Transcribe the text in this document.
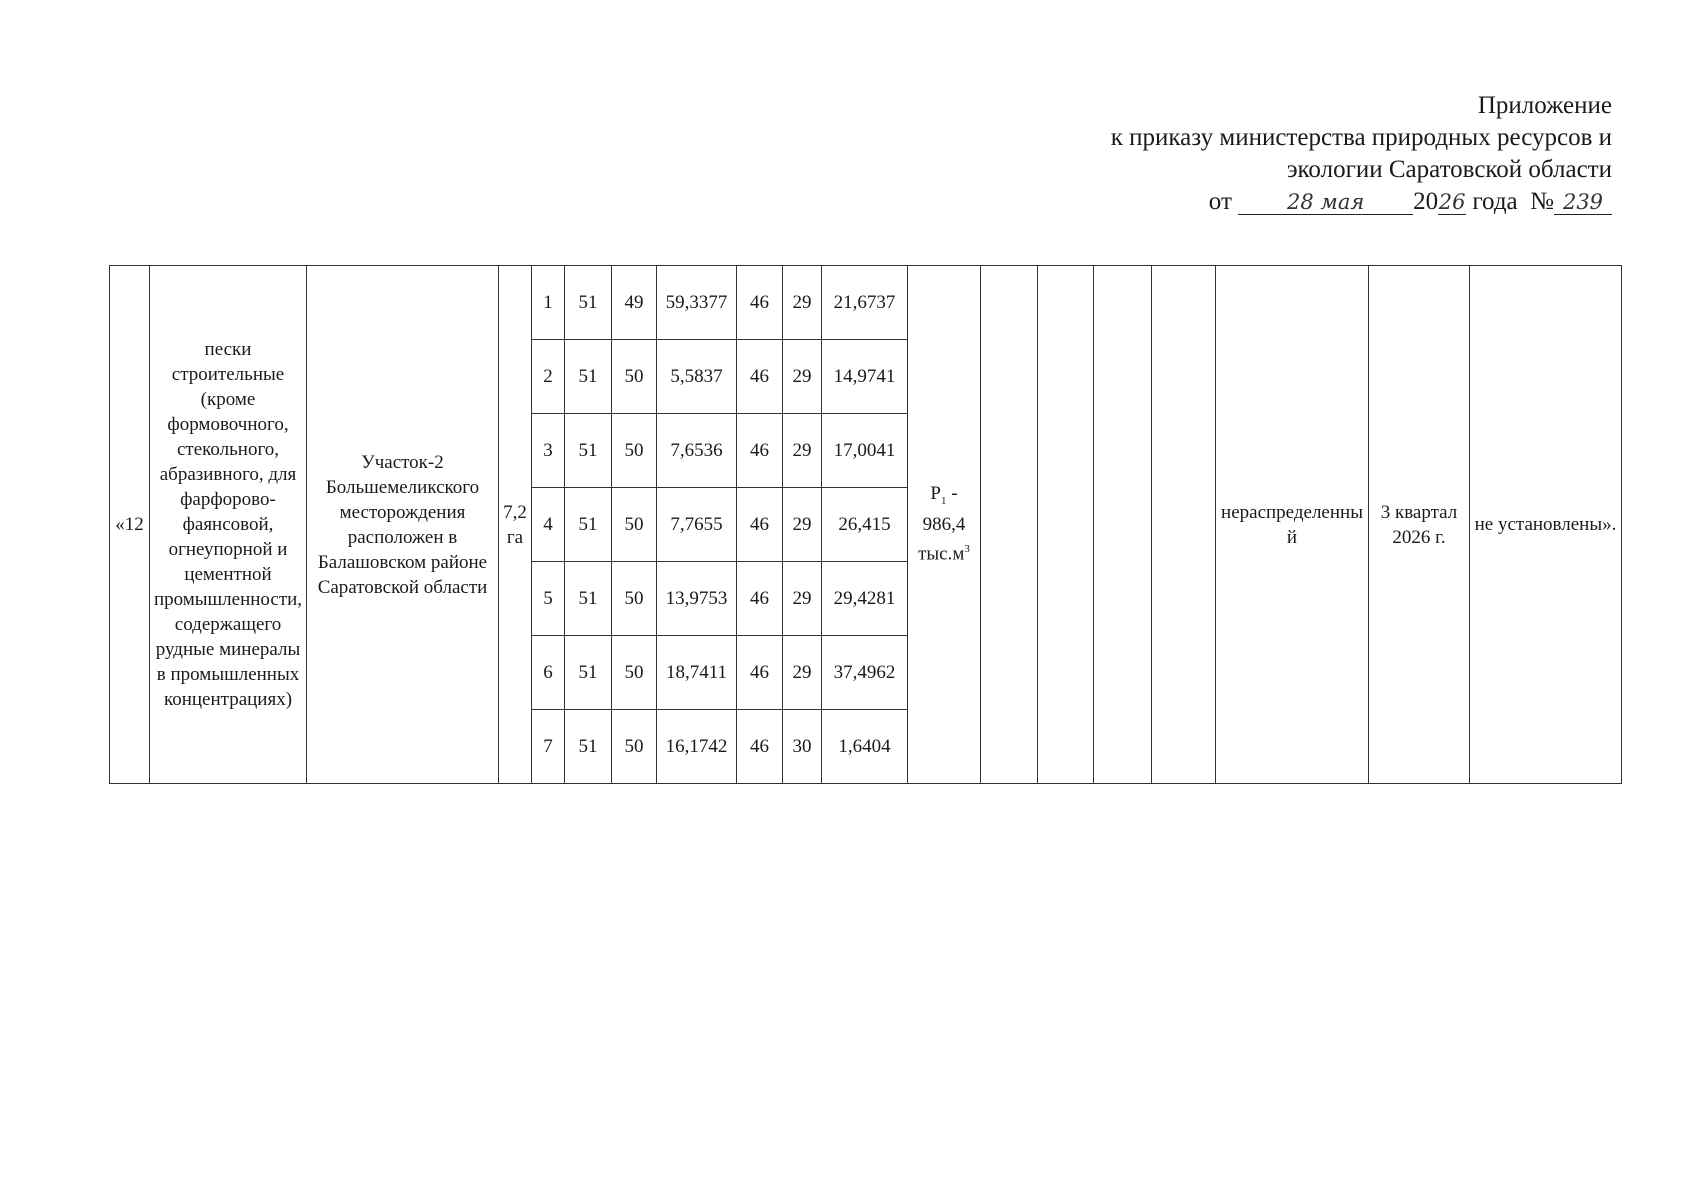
Приложение
к приказу министерства природных ресурсов и
экологии Саратовской области
от	28 мая 2026 года № 239
«12	пески строительные (кроме формовочного, стекольного, абразивного, для фарфорово-фаянсовой, огнеупорной и цементной промышленности, содержащего рудные минералы в промышленных концентрациях)	Участок-2 Большемеликского месторождения расположен в Балашовском районе Саратовской области	7,2 га	1	51	49	59,3377	46	29	21,6737	$P_1 - 986,4$ $тыс.м^3$					нераспределенный	3 квартал 2026 г.	не установлены».
				2	51	50	5,5837	46	29	14,9741								
				3	51	50	7,6536	46	29	17,0041								
				4	51	50	7,7655	46	29	26,415								
				5	51	50	13,9753	46	29	29,4281								
				6	51	50	18,7411	46	29	37,4962								
				7	51	50	16,1742	46	30	1,6404								
